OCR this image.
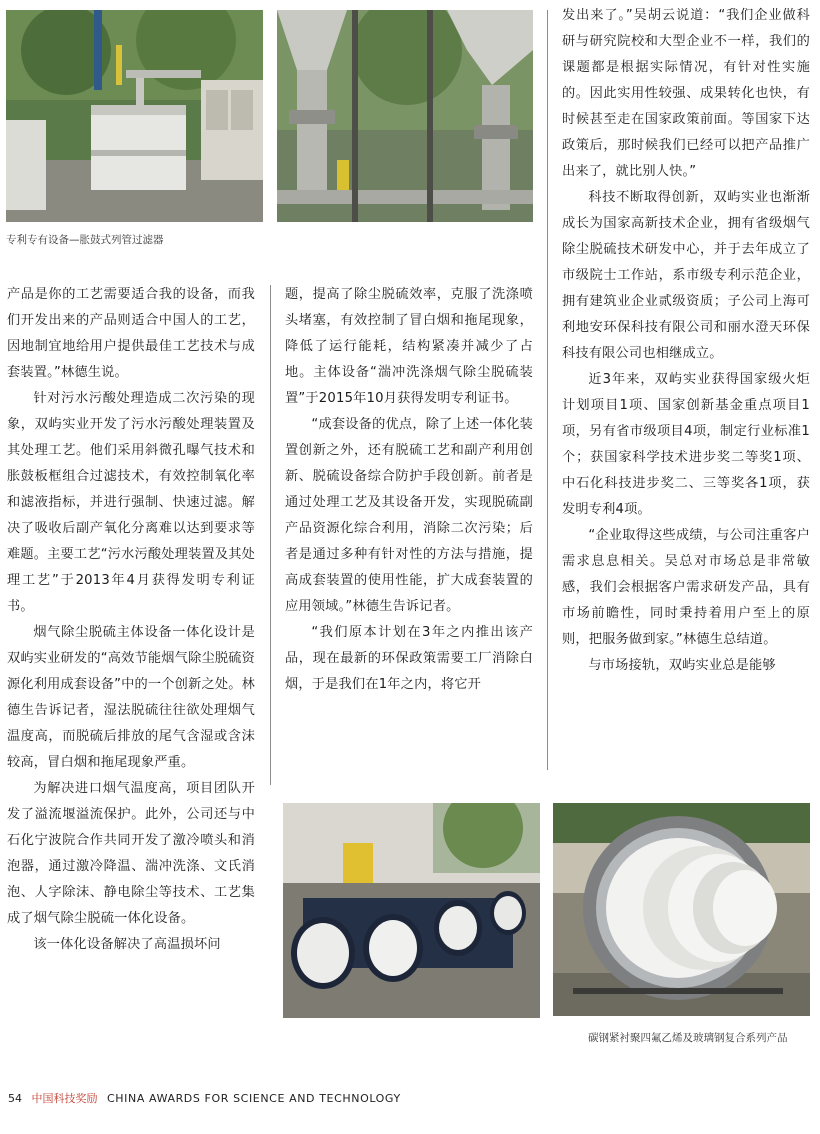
专利专有设备—胀鼓式列管过滤器

发出来了。”吴胡云说道：“我们企业做科研与研究院校和大型企业不一样，我们的课题都是根据实际情况，有针对性实施的。因此实用性较强、成果转化也快，有时候甚至走在国家政策前面。等国家下达政策后，那时候我们已经可以把产品推广出来了，就比别人快。”

科技不断取得创新，双屿实业也渐渐成长为国家高新技术企业，拥有省级烟气除尘脱硫技术研发中心，并于去年成立了市级院士工作站，系市级专利示范企业，拥有建筑业企业贰级资质；子公司上海可利地安环保科技有限公司和丽水澄天环保科技有限公司也相继成立。

近3年来，双屿实业获得国家级火炬计划项目1项、国家创新基金重点项目1项，另有省市级项目4项，制定行业标准1个；获国家科学技术进步奖二等奖1项、中石化科技进步奖二、三等奖各1项，获发明专利4项。

“企业取得这些成绩，与公司注重客户需求息息相关。吴总对市场总是非常敏感，我们会根据客户需求研发产品，具有市场前瞻性，同时秉持着用户至上的原则，把服务做到家。”林德生总结道。

与市场接轨，双屿实业总是能够

产品是你的工艺需要适合我的设备，而我们开发出来的产品则适合中国人的工艺，因地制宜地给用户提供最佳工艺技术与成套装置。”林德生说。

针对污水污酸处理造成二次污染的现象，双屿实业开发了污水污酸处理装置及其处理工艺。他们采用斜微孔曝气技术和胀鼓板框组合过滤技术，有效控制氧化率和滤液指标，并进行强制、快速过滤。解决了吸收后副产氧化分离难以达到要求等难题。主要工艺“污水污酸处理装置及其处理工艺”于2013年4月获得发明专利证书。

烟气除尘脱硫主体设备一体化设计是双屿实业研发的“高效节能烟气除尘脱硫资源化利用成套设备”中的一个创新之处。林德生告诉记者，湿法脱硫往往欲处理烟气温度高，而脱硫后排放的尾气含湿或含沫较高，冒白烟和拖尾现象严重。

为解决进口烟气温度高，项目团队开发了溢流堰溢流保护。此外，公司还与中石化宁波院合作共同开发了激冷喷头和消泡器，通过激冷降温、湍冲洗涤、文氏消泡、人字除沫、静电除尘等技术、工艺集成了烟气除尘脱硫一体化设备。

该一体化设备解决了高温损坏问

题，提高了除尘脱硫效率，克服了洗涤喷头堵塞，有效控制了冒白烟和拖尾现象，降低了运行能耗，结构紧凑并减少了占地。主体设备“湍冲洗涤烟气除尘脱硫装置”于2015年10月获得发明专利证书。

“成套设备的优点，除了上述一体化装置创新之外，还有脱硫工艺和副产利用创新、脱硫设备综合防护手段创新。前者是通过处理工艺及其设备开发，实现脱硫副产品资源化综合利用，消除二次污染；后者是通过多种有针对性的方法与措施，提高成套装置的使用性能，扩大成套装置的应用领域。”林德生告诉记者。

“我们原本计划在3年之内推出该产品，现在最新的环保政策需要工厂消除白烟，于是我们在1年之内，将它开

碳钢紧衬聚四氟乙烯及玻璃钢复合系列产品
54 中国科技奖励 CHINA AWARDS FOR SCIENCE AND TECHNOLOGY
